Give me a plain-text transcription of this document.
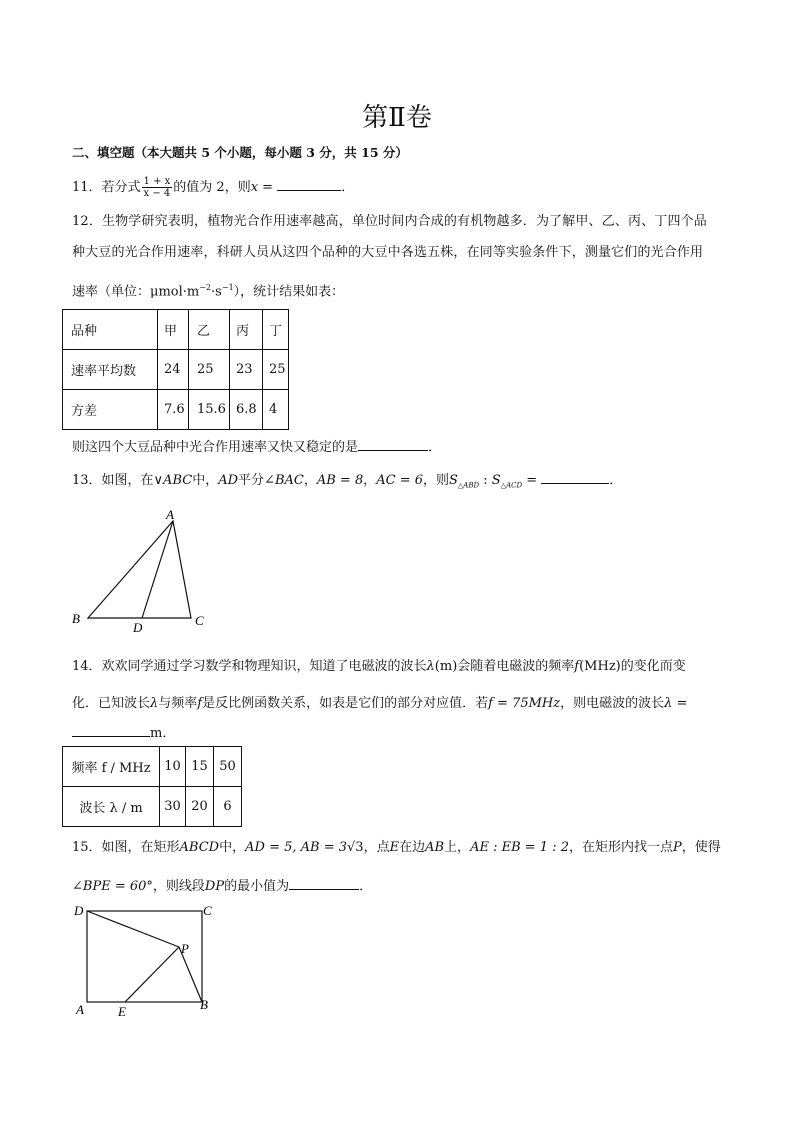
第Ⅱ卷
二、填空题（本大题共 5 个小题，每小题 3 分，共 15 分）
11．若分式 $\frac{1 + x}{x - 4}$ 的值为 2，则x =	．
12．生物学研究表明，植物光合作用速率越高，单位时间内合成的有机物越多．为了解甲、乙、丙、丁四个品
种大豆的光合作用速率，科研人员从这四个品种的大豆中各选五株，在同等实验条件下，测量它们的光合作用
速率（单位：$\mu mol\cdot m^{-2}\cdot s^{-1}$），统计结果如表：
品种	甲	乙	丙	丁
速率平均数	24	25	23	25
方差	7.6	15.6	6.8	4
则这四个大豆品种中光合作用速率又快又稳定的是	．
13．如图，在∨ABC中，AD平分∠BAC，AB = 8，AC = 6，则$S_{\triangle ABD}$ : $S_{\triangle ACD}$ =	．
A
B	C
D
14．欢欢同学通过学习数学和物理知识，知道了电磁波的波长λ(m)会随着电磁波的频率f(MHz)的变化而变
化．已知波长λ与频率f是反比例函数关系，如表是它们的部分对应值．若f = 75MHz，则电磁波的波长λ =
m．
频率 f / MHz	10	15	50
波长 λ / m	30	20	6
15．如图，在矩形ABCD中，AD = 5, AB = 3√3，点E在边AB上，AE : EB = 1 : 2，在矩形内找一点P，使得
∠BPE = 60°，则线段DP的最小值为	．
D	C
P
A	E	B
